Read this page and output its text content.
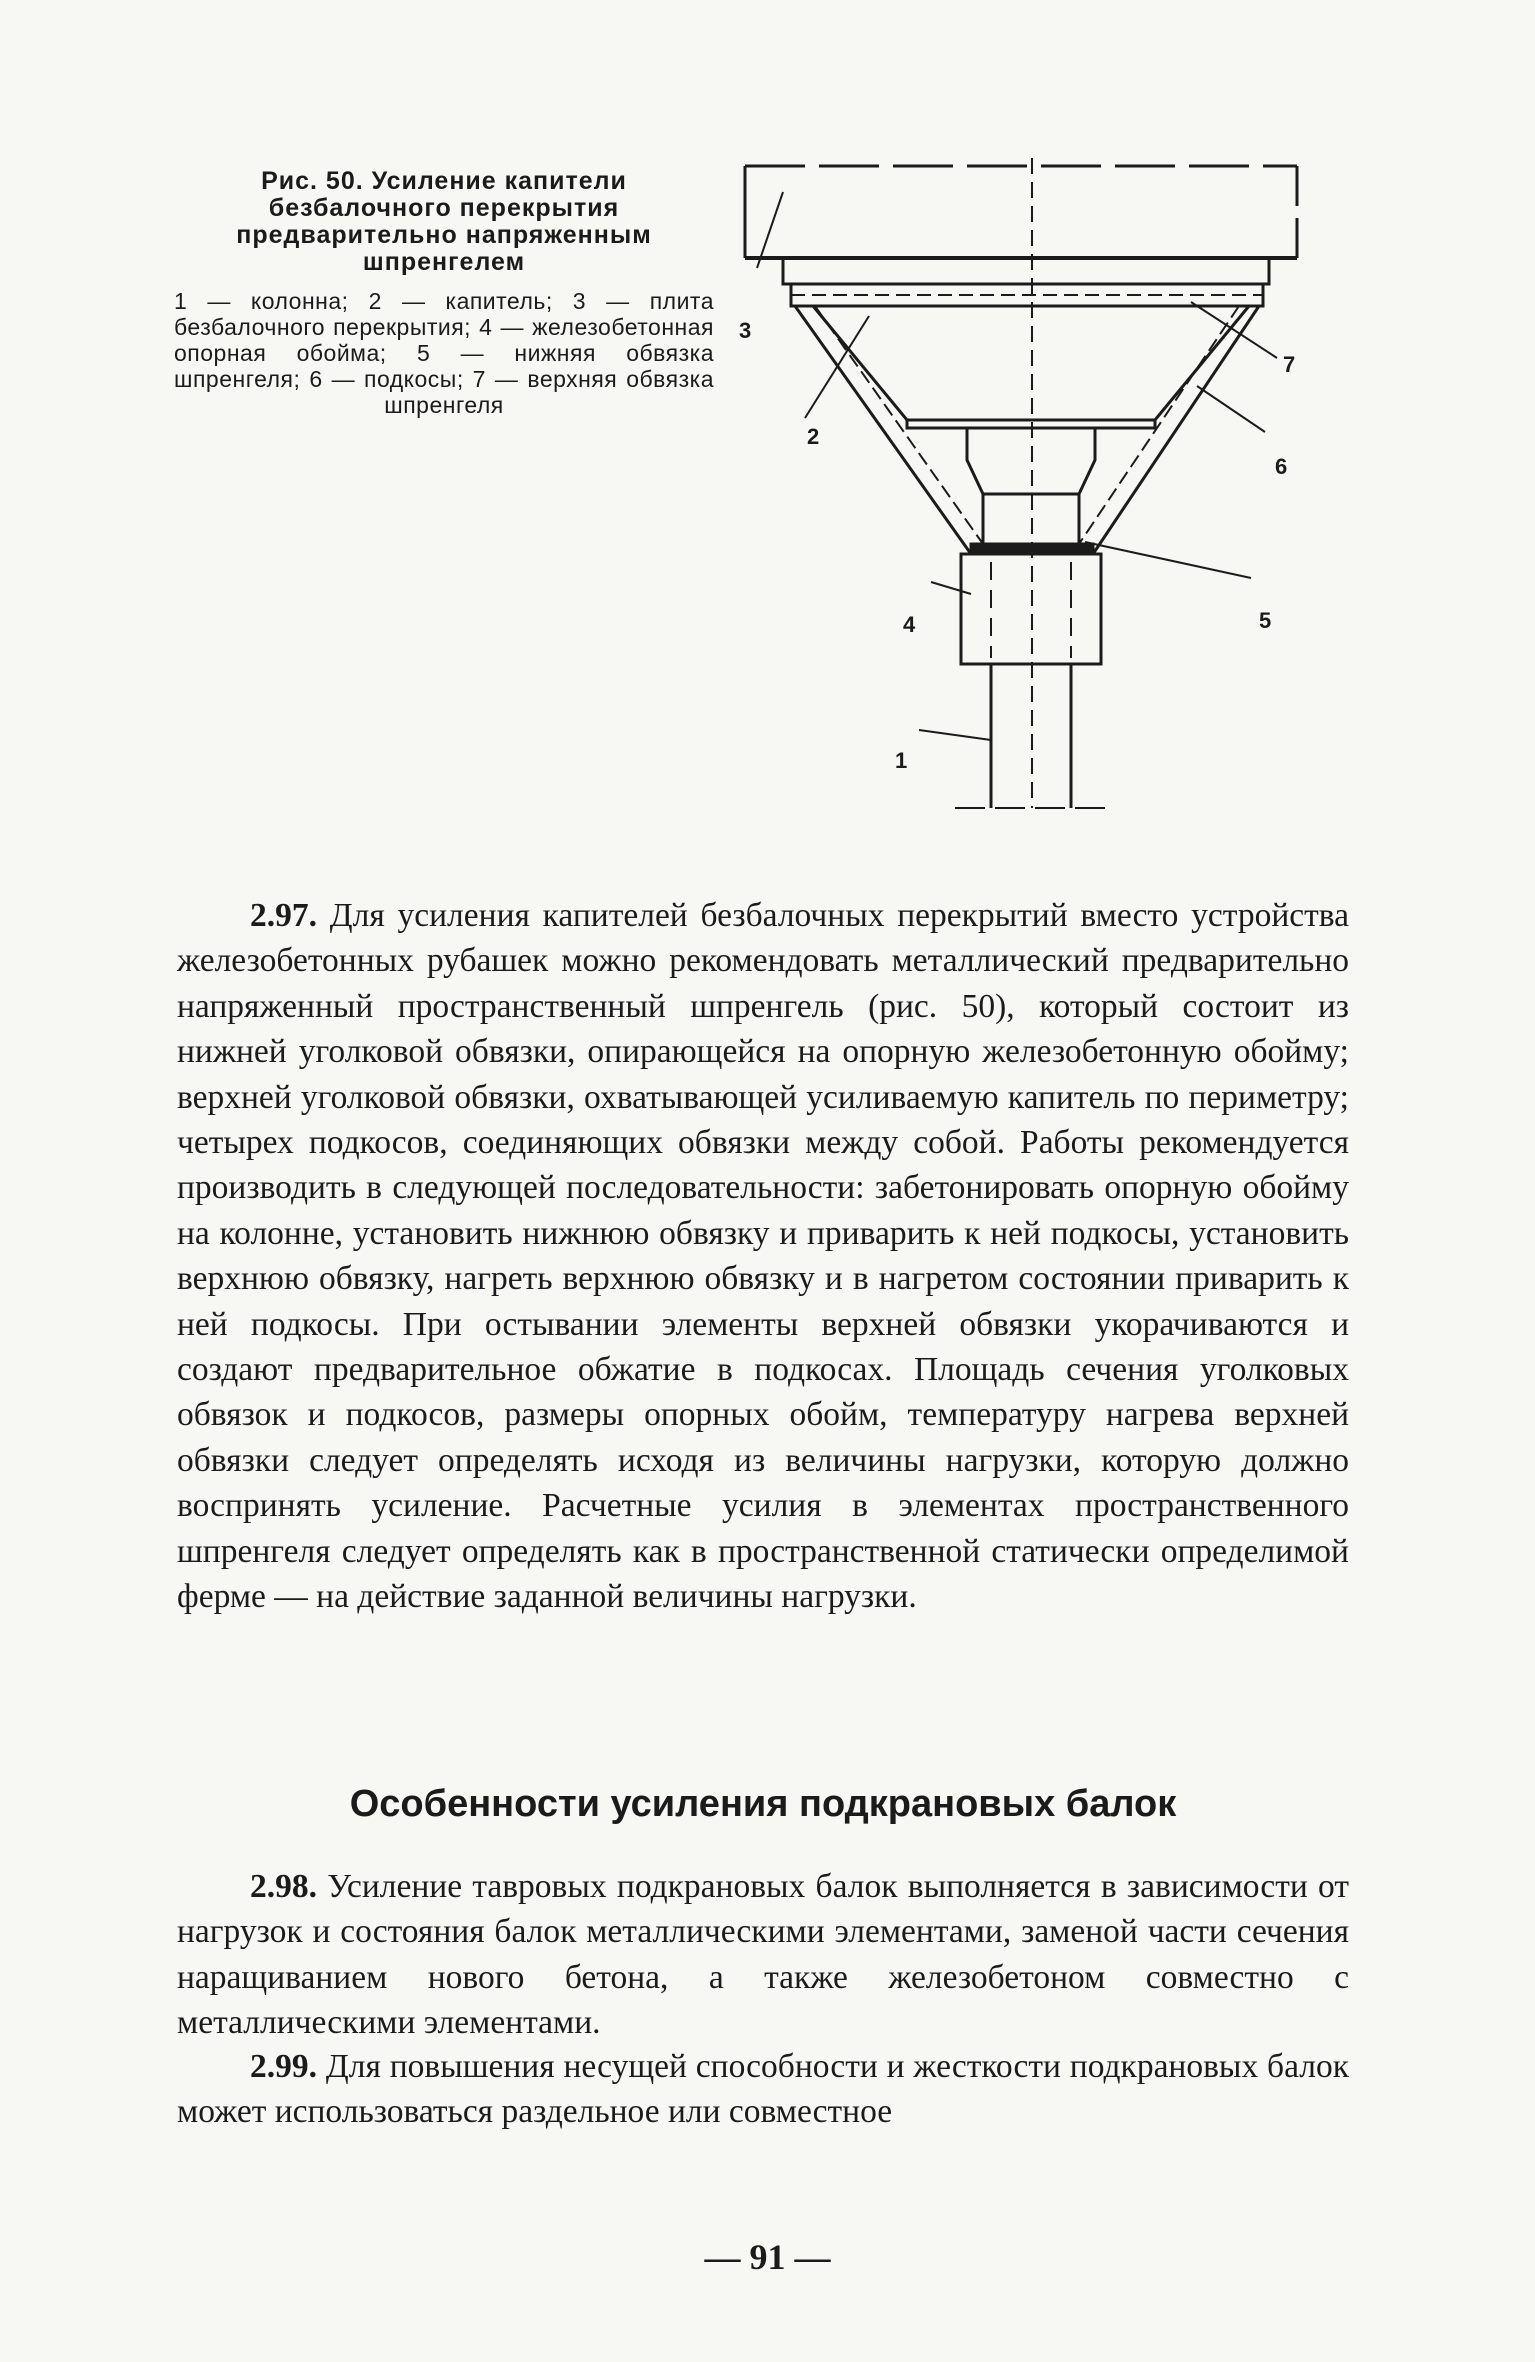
Рис. 50. Усиление капители безбалочного перекрытия предварительно напряженным шпренгелем
1 — колонна; 2 — капитель; 3 — плита безбалочного перекрытия; 4 — железобетонная опорная обойма; 5 — нижняя обвязка шпренгеля; 6 — подкосы; 7 — верхняя обвязка шпренгеля
3
2
7
6
5
4
1

2.97. Для усиления капителей безбалочных перекрытий вместо устройства железобетонных рубашек можно рекомендовать металлический предварительно напряженный пространственный шпренгель (рис. 50), который состоит из нижней уголковой обвязки, опирающейся на опорную железобетонную обойму; верхней уголковой обвязки, охватывающей усиливаемую капитель по периметру; четырех подкосов, соединяющих обвязки между собой. Работы рекомендуется производить в следующей последовательности: забетонировать опорную обойму на колонне, установить нижнюю обвязку и приварить к ней подкосы, установить верхнюю обвязку, нагреть верхнюю обвязку и в нагретом состоянии приварить к ней подкосы. При остывании элементы верхней обвязки укорачиваются и создают предварительное обжатие в подкосах. Площадь сечения уголковых обвязок и подкосов, размеры опорных обойм, температуру нагрева верхней обвязки следует определять исходя из величины нагрузки, которую должно воспринять усиление. Расчетные усилия в элементах пространственного шпренгеля следует определять как в пространственной статически определимой ферме — на действие заданной величины нагрузки.

Особенности усиления подкрановых балок

2.98. Усиление тавровых подкрановых балок выполняется в зависимости от нагрузок и состояния балок металлическими элементами, заменой части сечения наращиванием нового бетона, а также железобетоном совместно с металлическими элементами.

2.99. Для повышения несущей способности и жесткости подкрановых балок может использоваться раздельное или совместное

— 91 —
